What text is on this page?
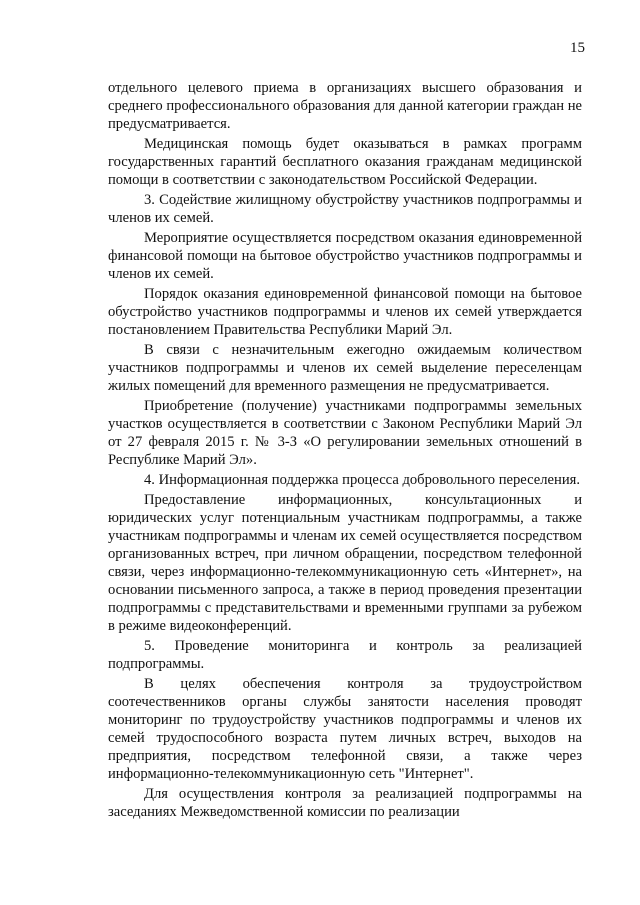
15

отдельного целевого приема в организациях высшего образования и среднего профессионального образования для данной категории граждан не предусматривается.

Медицинская помощь будет оказываться в рамках программ государственных гарантий бесплатного оказания гражданам медицинской помощи в соответствии с законодательством Российской Федерации.

3. Содействие жилищному обустройству участников подпрограммы и членов их семей.

Мероприятие осуществляется посредством оказания единовременной финансовой помощи на бытовое обустройство участников подпрограммы и членов их семей.

Порядок оказания единовременной финансовой помощи на бытовое обустройство участников подпрограммы и членов их семей утверждается постановлением Правительства Республики Марий Эл.

В связи с незначительным ежегодно ожидаемым количеством участников подпрограммы и членов их семей выделение переселенцам жилых помещений для временного размещения не предусматривается.

Приобретение (получение) участниками подпрограммы земельных участков осуществляется в соответствии с Законом Республики Марий Эл от 27 февраля 2015 г. № 3-З «О регулировании земельных отношений в Республике Марий Эл».

4. Информационная поддержка процесса добровольного переселения.

Предоставление информационных, консультационных и юридических услуг потенциальным участникам подпрограммы, а также участникам подпрограммы и членам их семей осуществляется посредством организованных встреч, при личном обращении, посредством телефонной связи, через информационно-телекоммуникационную сеть «Интернет», на основании письменного запроса, а также в период проведения презентации подпрограммы с представительствами и временными группами за рубежом в режиме видеоконференций.

5. Проведение мониторинга и контроль за реализацией подпрограммы.

В целях обеспечения контроля за трудоустройством соотечественников органы службы занятости населения проводят мониторинг по трудоустройству участников подпрограммы и членов их семей трудоспособного возраста путем личных встреч, выходов на предприятия, посредством телефонной связи, а также через информационно-телекоммуникационную сеть "Интернет".

Для осуществления контроля за реализацией подпрограммы на заседаниях Межведомственной комиссии по реализации
